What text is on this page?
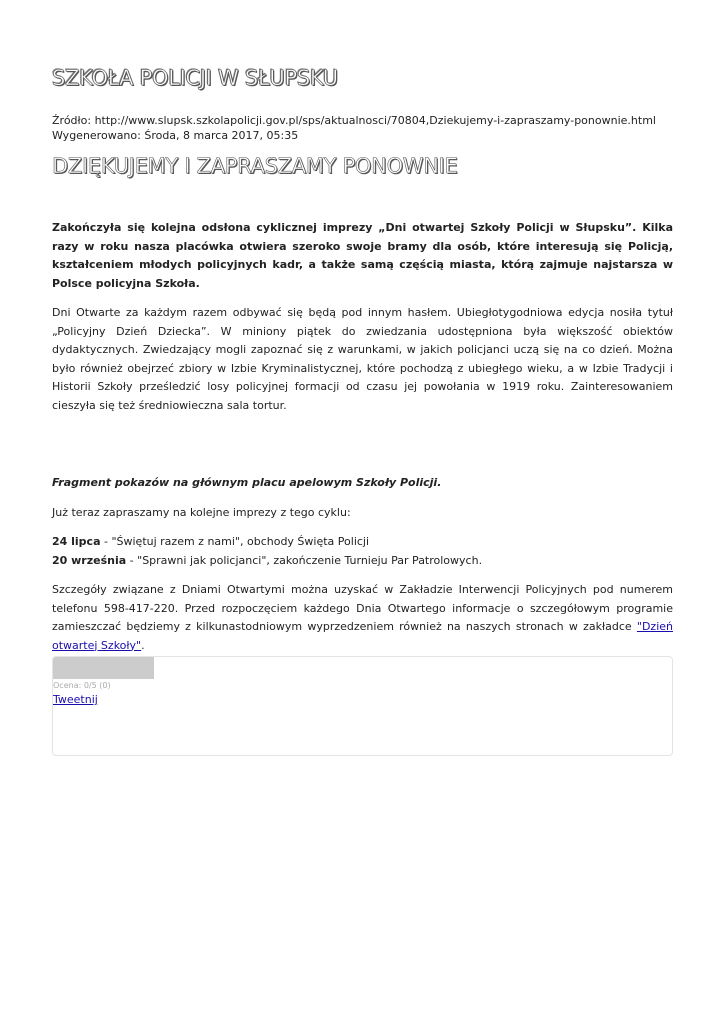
SZKOŁA POLICJI W SŁUPSKU
Źródło: http://www.slupsk.szkolapolicji.gov.pl/sps/aktualnosci/70804,Dziekujemy-i-zapraszamy-ponownie.html
Wygenerowano: Środa, 8 marca 2017, 05:35
DZIĘKUJEMY I ZAPRASZAMY PONOWNIE

Zakończyła się kolejna odsłona cyklicznej imprezy „Dni otwartej Szkoły Policji w Słupsku”. Kilka razy w roku nasza placówka otwiera szeroko swoje bramy dla osób, które interesują się Policją, kształceniem młodych policyjnych kadr, a także samą częścią miasta, którą zajmuje najstarsza w Polsce policyjna Szkoła.

Dni Otwarte za każdym razem odbywać się będą pod innym hasłem. Ubiegłotygodniowa edycja nosiła tytuł „Policyjny Dzień Dziecka”. W miniony piątek do zwiedzania udostępniona była większość obiektów dydaktycznych. Zwiedzający mogli zapoznać się z warunkami, w jakich policjanci uczą się na co dzień. Można było również obejrzeć zbiory w Izbie Kryminalistycznej, które pochodzą z ubiegłego wieku, a w Izbie Tradycji i Historii Szkoły prześledzić losy policyjnej formacji od czasu jej powołania w 1919 roku. Zainteresowaniem cieszyła się też średniowieczna sala tortur.

Fragment pokazów na głównym placu apelowym Szkoły Policji.

Już teraz zapraszamy na kolejne imprezy z tego cyklu:

24 lipca - "Świętuj razem z nami", obchody Święta Policji
20 września - "Sprawni jak policjanci", zakończenie Turnieju Par Patrolowych.

Szczegóły związane z Dniami Otwartymi można uzyskać w Zakładzie Interwencji Policyjnych pod numerem telefonu 598-417-220. Przed rozpoczęciem każdego Dnia Otwartego informacje o szczegółowym programie zamieszczać będziemy z kilkunastodniowym wyprzedzeniem również na naszych stronach w zakładce "Dzień otwartej Szkoły".

Ocena: 0/5 (0)
Tweetnij
